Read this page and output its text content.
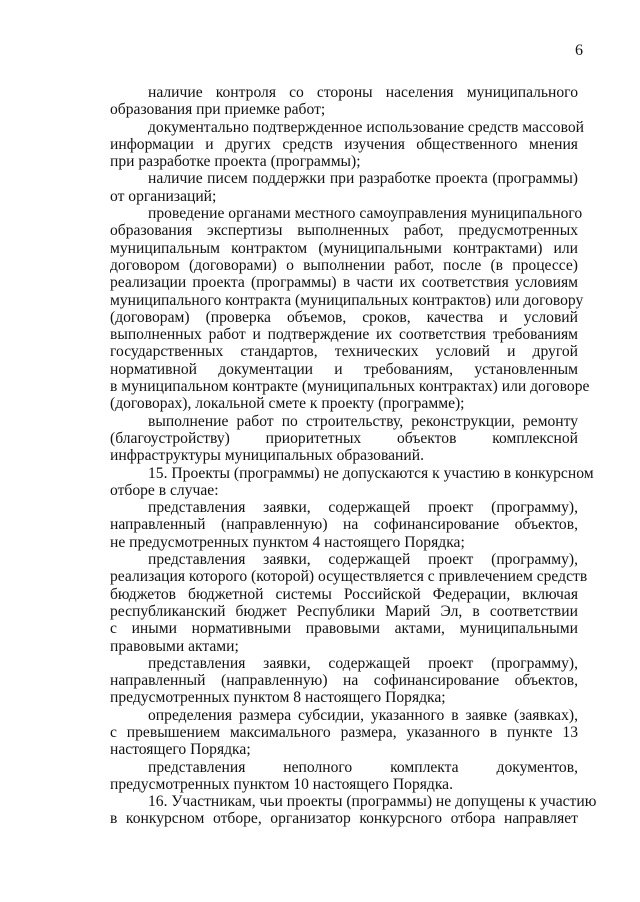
6
наличие контроля со стороны населения муниципального
образования при приемке работ;
документально подтвержденное использование средств массовой
информации и других средств изучения общественного мнения
при разработке проекта (программы);
наличие писем поддержки при разработке проекта (программы)
от организаций;
проведение органами местного самоуправления муниципального
образования экспертизы выполненных работ, предусмотренных
муниципальным контрактом (муниципальными контрактами) или
договором (договорами) о выполнении работ, после (в процессе)
реализации проекта (программы) в части их соответствия условиям
муниципального контракта (муниципальных контрактов) или договору
(договорам) (проверка объемов, сроков, качества и условий
выполненных работ и подтверждение их соответствия требованиям
государственных стандартов, технических условий и другой
нормативной документации и требованиям, установленным
в муниципальном контракте (муниципальных контрактах) или договоре
(договорах), локальной смете к проекту (программе);
выполнение работ по строительству, реконструкции, ремонту
(благоустройству) приоритетных объектов комплексной
инфраструктуры муниципальных образований.
15. Проекты (программы) не допускаются к участию в конкурсном
отборе в случае:
представления заявки, содержащей проект (программу),
направленный (направленную) на софинансирование объектов,
не предусмотренных пунктом 4 настоящего Порядка;
представления заявки, содержащей проект (программу),
реализация которого (которой) осуществляется с привлечением средств
бюджетов бюджетной системы Российской Федерации, включая
республиканский бюджет Республики Марий Эл, в соответствии
с иными нормативными правовыми актами, муниципальными
правовыми актами;
представления заявки, содержащей проект (программу),
направленный (направленную) на софинансирование объектов,
предусмотренных пунктом 8 настоящего Порядка;
определения размера субсидии, указанного в заявке (заявках),
с превышением максимального размера, указанного в пункте 13
настоящего Порядка;
представления неполного комплекта документов,
предусмотренных пунктом 10 настоящего Порядка.
16. Участникам, чьи проекты (программы) не допущены к участию
в конкурсном отборе, организатор конкурсного отбора направляет
